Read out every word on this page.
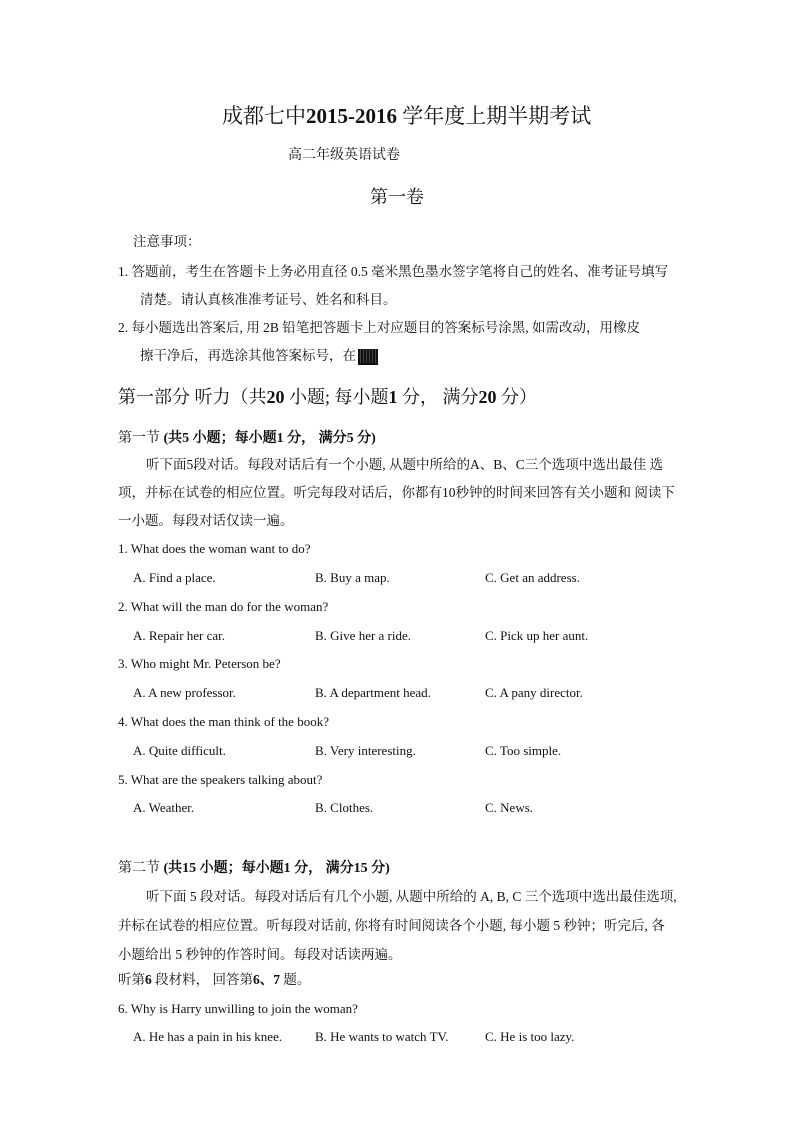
成都七中2015-2016 学年度上期半期考试
高二年级英语试卷
第一卷
注意事项：
1. 答题前，考生在答题卡上务必用直径 0.5 毫米黑色墨水签字笔将自己的姓名、准考证号填写
清楚。请认真核准准考证号、姓名和科目。
2. 每小题选出答案后, 用 2B 铅笔把答题卡上对应题目的答案标号涂黑, 如需改动，用橡皮
擦干净后，再选涂其他答案标号，在
第一部分 听力（共20 小题; 每小题1 分， 满分20 分）
第一节 (共5 小题；每小题1 分， 满分5 分)
听下面5段对话。每段对话后有一个小题, 从题中所给的A、B、C三个选项中选出最佳 选项，并标在试卷的相应位置。听完每段对话后，你都有10秒钟的时间来回答有关小题和 阅读下一小题。每段对话仅读一遍。
1. What does the woman want to do?
A. Find a place.	B. Buy a map.	C. Get an address.
2. What will the man do for the woman?
A. Repair her car.	B. Give her a ride.	C. Pick up her aunt.
3. Who might Mr. Peterson be?
A. A new professor.	B. A department head.	C. A pany director.
4. What does the man think of the book?
A. Quite difficult.	B. Very interesting.	C. Too simple.
5. What are the speakers talking about?
A. Weather.	B. Clothes.	C. News.
第二节 (共15 小题；每小题1 分， 满分15 分)
听下面 5 段对话。每段对话后有几个小题, 从题中所给的 A, B, C 三个选项中选出最佳选项, 并标在试卷的相应位置。听每段对话前, 你将有时间阅读各个小题, 每小题 5 秒钟；听完后, 各小题给出 5 秒钟的作答时间。每段对话读两遍。
听第6 段材料， 回答第6、7 题。
6. Why is Harry unwilling to join the woman?
A. He has a pain in his knee.	B. He wants to watch TV.	C. He is too lazy.
